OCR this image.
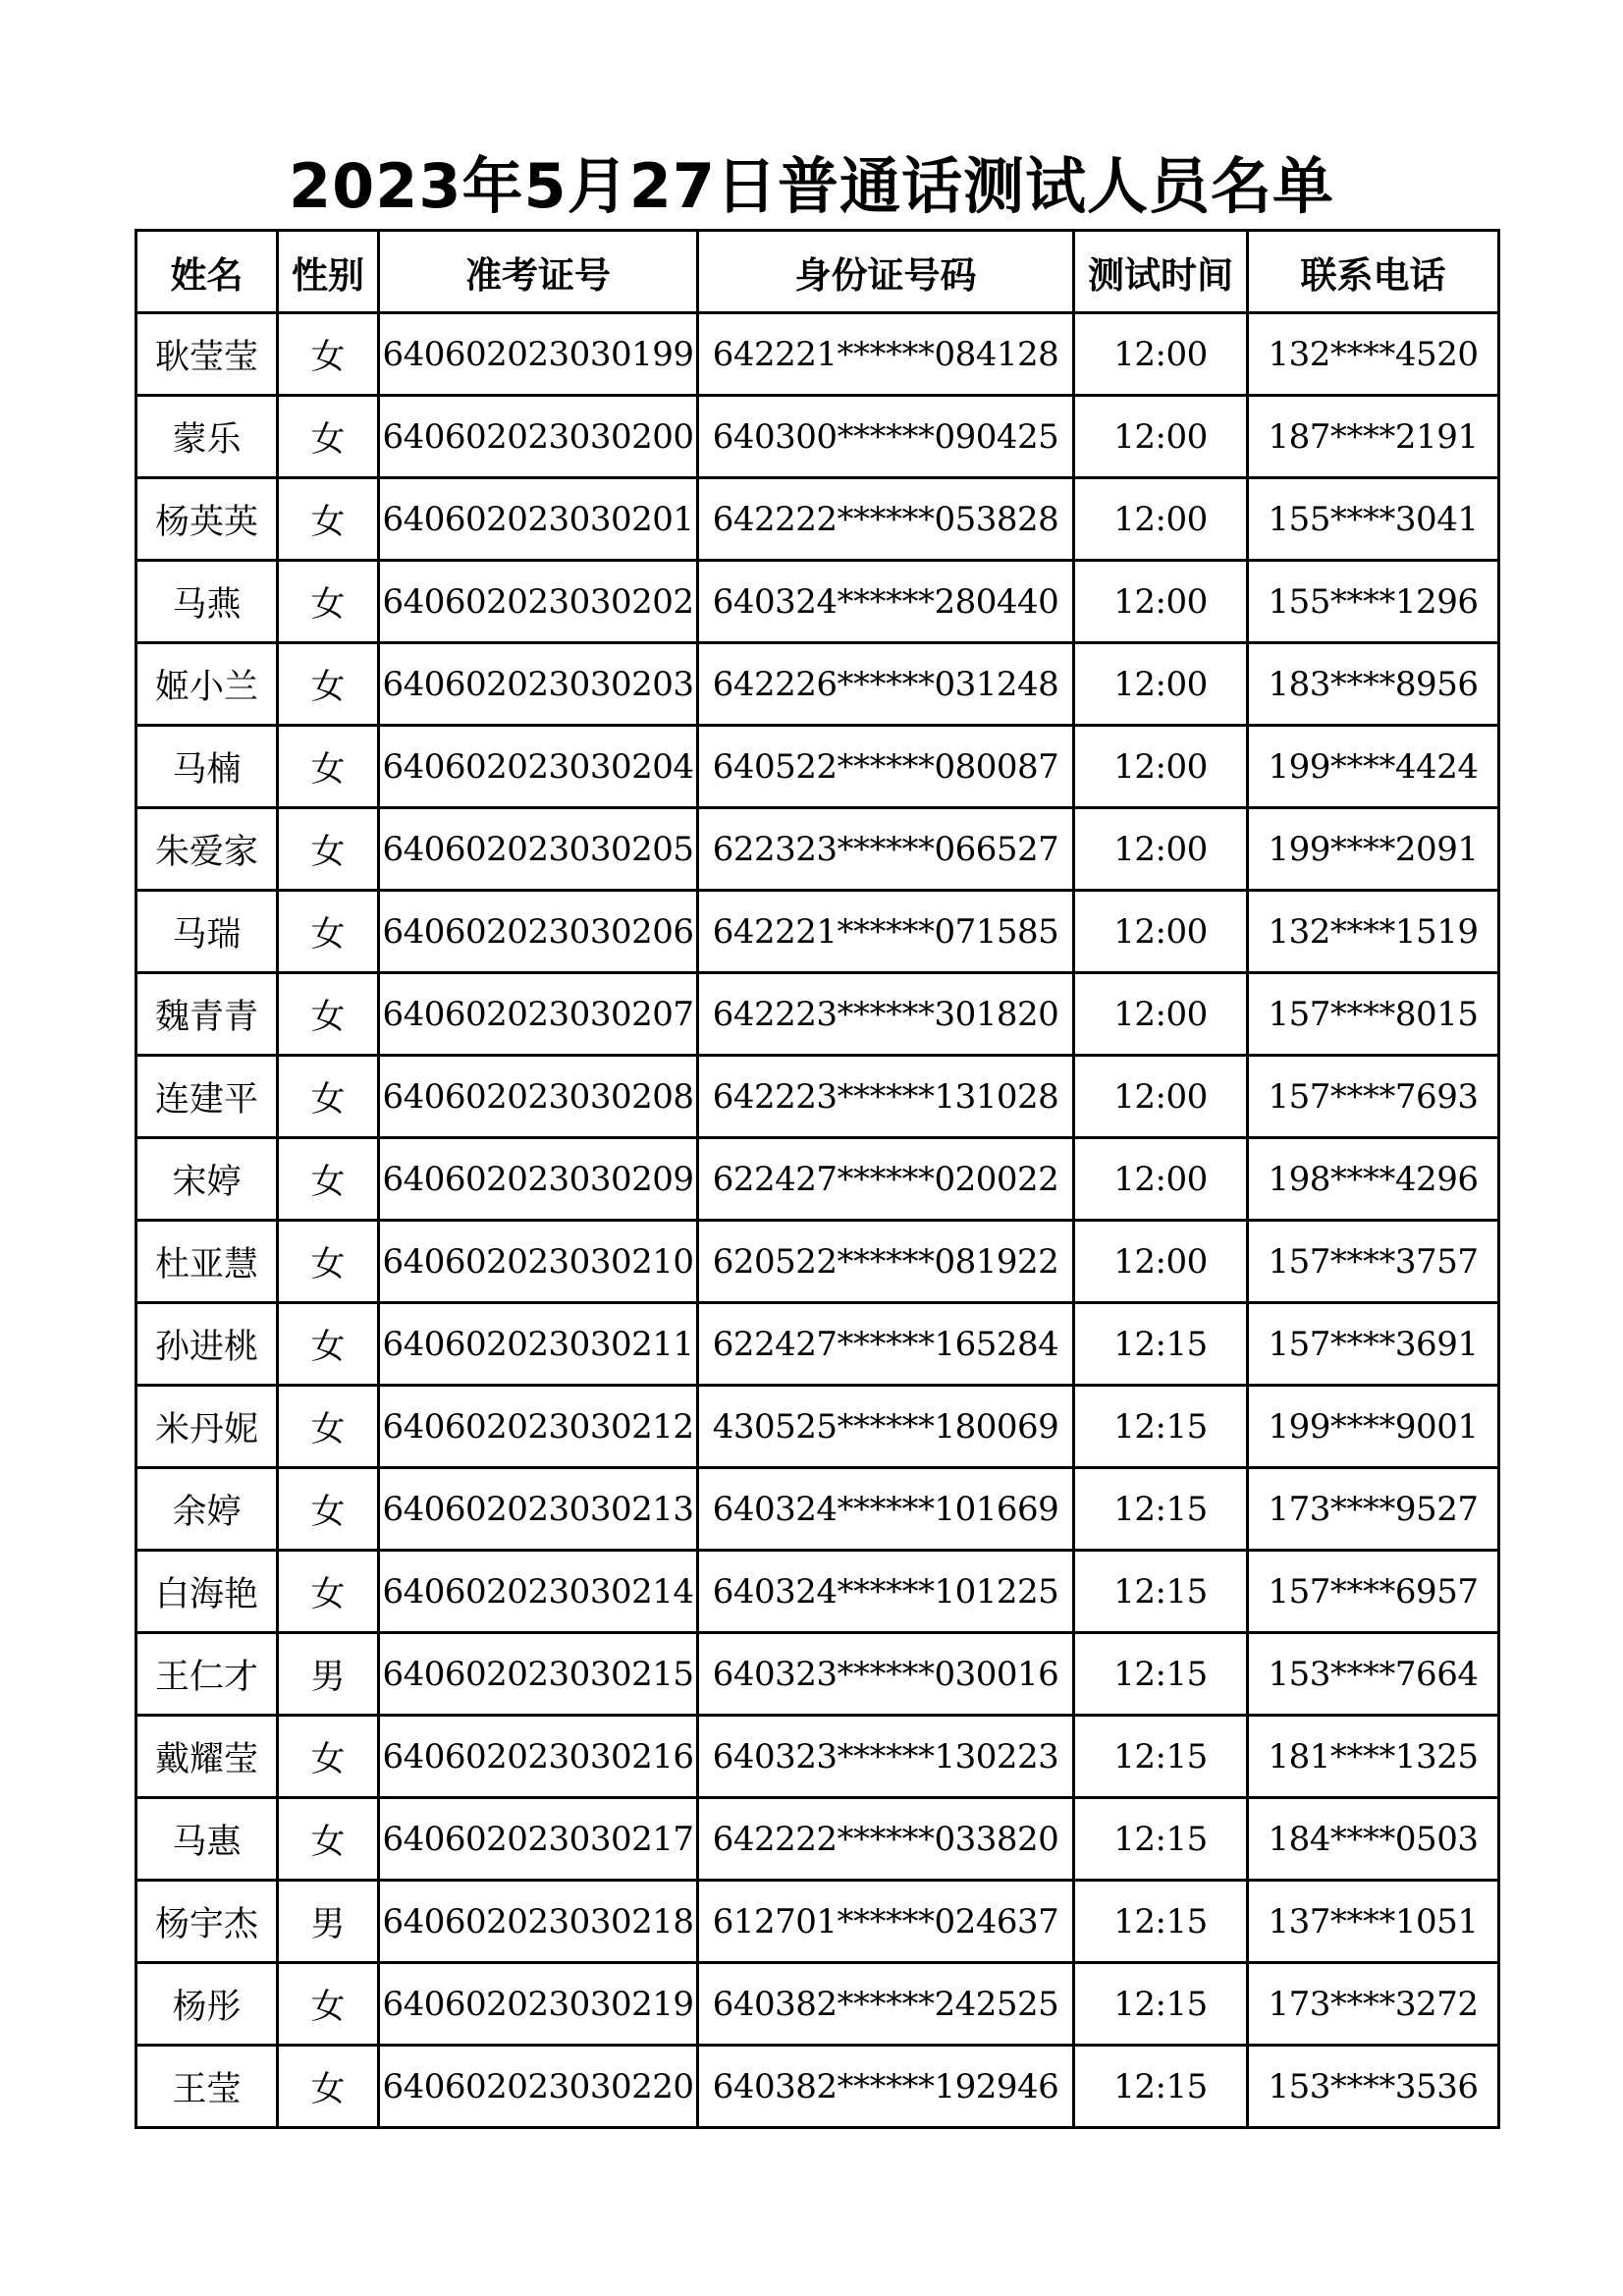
2023年5月27日普通话测试人员名单
姓名	性别	准考证号	身份证号码	测试时间	联系电话
耿莹莹	女	640602023030199	642221******084128	12:00	132****4520
蒙乐	女	640602023030200	640300******090425	12:00	187****2191
杨英英	女	640602023030201	642222******053828	12:00	155****3041
马燕	女	640602023030202	640324******280440	12:00	155****1296
姬小兰	女	640602023030203	642226******031248	12:00	183****8956
马楠	女	640602023030204	640522******080087	12:00	199****4424
朱爱家	女	640602023030205	622323******066527	12:00	199****2091
马瑞	女	640602023030206	642221******071585	12:00	132****1519
魏青青	女	640602023030207	642223******301820	12:00	157****8015
连建平	女	640602023030208	642223******131028	12:00	157****7693
宋婷	女	640602023030209	622427******020022	12:00	198****4296
杜亚慧	女	640602023030210	620522******081922	12:00	157****3757
孙进桃	女	640602023030211	622427******165284	12:15	157****3691
米丹妮	女	640602023030212	430525******180069	12:15	199****9001
余婷	女	640602023030213	640324******101669	12:15	173****9527
白海艳	女	640602023030214	640324******101225	12:15	157****6957
王仁才	男	640602023030215	640323******030016	12:15	153****7664
戴耀莹	女	640602023030216	640323******130223	12:15	181****1325
马惠	女	640602023030217	642222******033820	12:15	184****0503
杨宇杰	男	640602023030218	612701******024637	12:15	137****1051
杨彤	女	640602023030219	640382******242525	12:15	173****3272
王莹	女	640602023030220	640382******192946	12:15	153****3536
